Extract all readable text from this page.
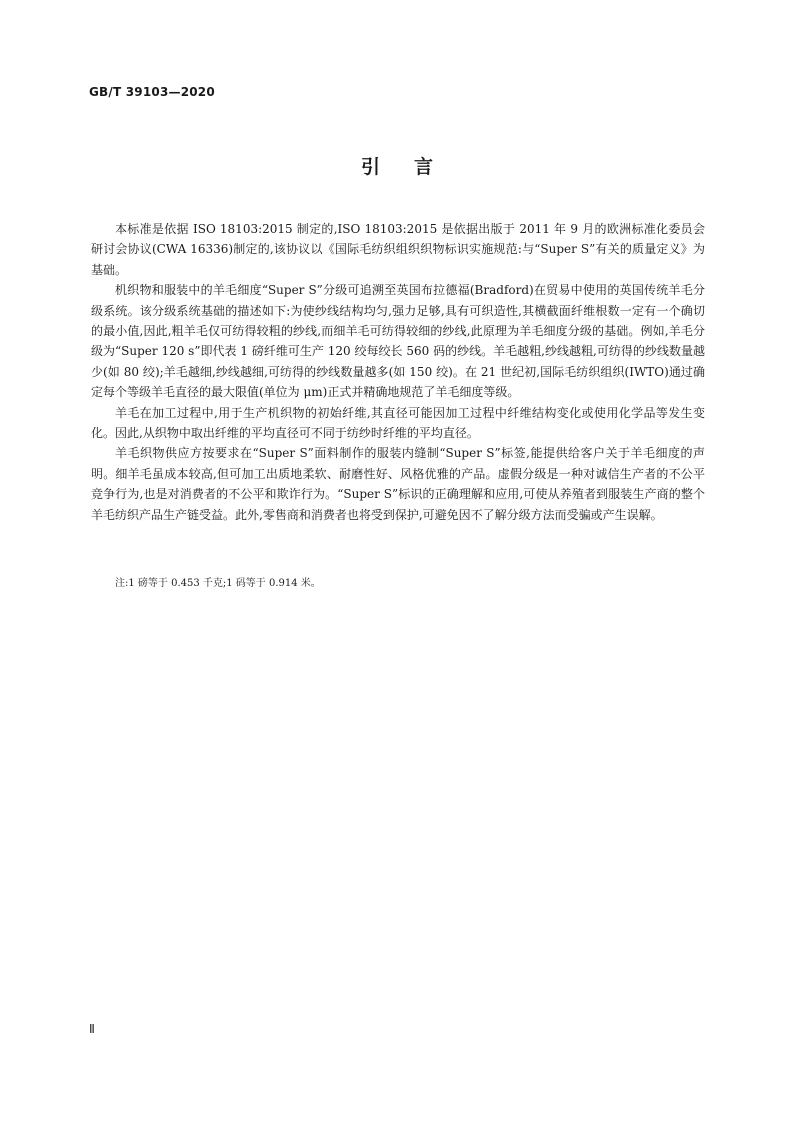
GB/T 39103—2020
引言

本标准是依据 ISO 18103:2015 制定的,ISO 18103:2015 是依据出版于 2011 年 9 月的欧洲标准化委员会研讨会协议(CWA 16336)制定的,该协议以《国际毛纺织组织织物标识实施规范:与“Super S”有关的质量定义》为基础。

机织物和服装中的羊毛细度“Super S”分级可追溯至英国布拉德福(Bradford)在贸易中使用的英国传统羊毛分级系统。该分级系统基础的描述如下:为使纱线结构均匀,强力足够,具有可织造性,其横截面纤维根数一定有一个确切的最小值,因此,粗羊毛仅可纺得较粗的纱线,而细羊毛可纺得较细的纱线,此原理为羊毛细度分级的基础。例如,羊毛分级为“Super 120 s”即代表 1 磅纤维可生产 120 绞每绞长 560 码的纱线。羊毛越粗,纱线越粗,可纺得的纱线数量越少(如 80 绞);羊毛越细,纱线越细,可纺得的纱线数量越多(如 150 绞)。在 21 世纪初,国际毛纺织组织(IWTO)通过确定每个等级羊毛直径的最大限值(单位为 μm)正式并精确地规范了羊毛细度等级。

羊毛在加工过程中,用于生产机织物的初始纤维,其直径可能因加工过程中纤维结构变化或使用化学品等发生变化。因此,从织物中取出纤维的平均直径可不同于纺纱时纤维的平均直径。

羊毛织物供应方按要求在“Super S”面料制作的服装内缝制“Super S”标签,能提供给客户关于羊毛细度的声明。细羊毛虽成本较高,但可加工出质地柔软、耐磨性好、风格优雅的产品。虚假分级是一种对诚信生产者的不公平竞争行为,也是对消费者的不公平和欺诈行为。“Super S”标识的正确理解和应用,可使从养殖者到服装生产商的整个羊毛纺织产品生产链受益。此外,零售商和消费者也将受到保护,可避免因不了解分级方法而受骗或产生误解。

注:1 磅等于 0.453 千克;1 码等于 0.914 米。
Ⅱ
